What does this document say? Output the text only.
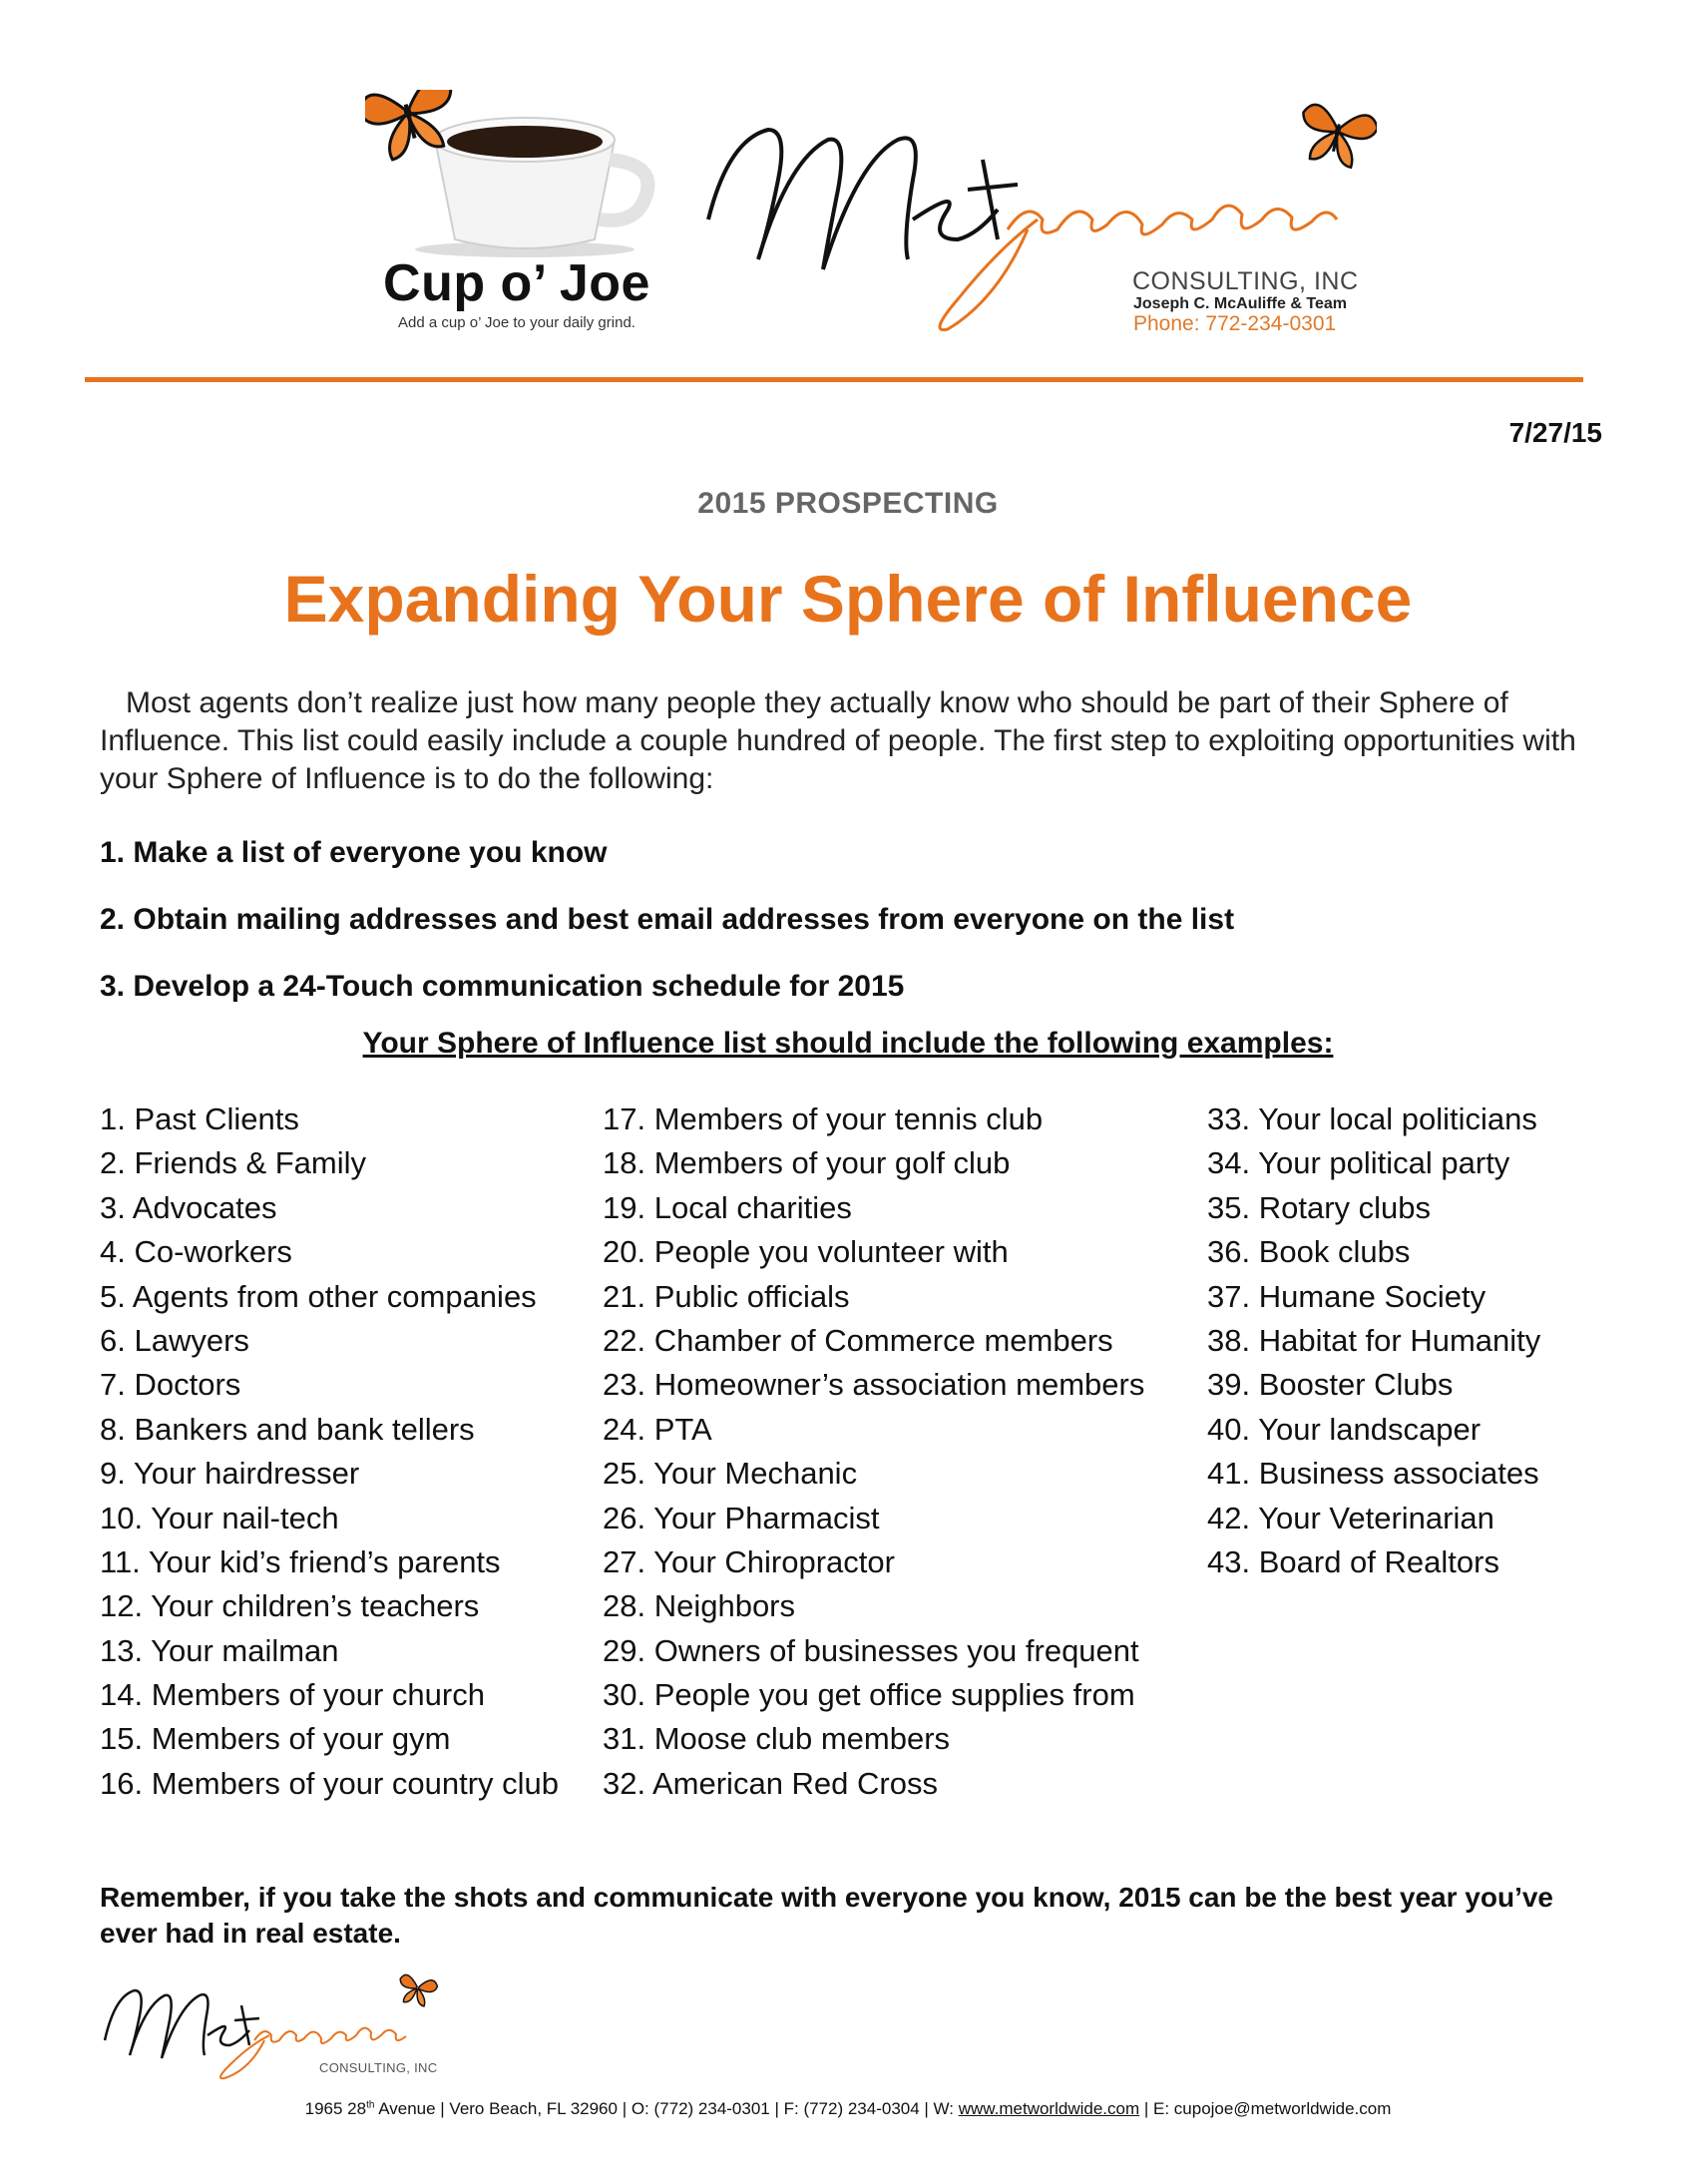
Cup o’ Joe
Add a cup o’ Joe to your daily grind.
CONSULTING, INC
Joseph C. McAuliffe & Team
Phone: 772-234-0301
7/27/15
2015 PROSPECTING
Expanding Your Sphere of Influence

Most agents don’t realize just how many people they actually know who should be part of their Sphere of Influence. This list could easily include a couple hundred of people. The first step to exploiting opportunities with your Sphere of Influence is to do the following:

1. Make a list of everyone you know
2. Obtain mailing addresses and best email addresses from everyone on the list
3. Develop a 24-Touch communication schedule for 2015
Your Sphere of Influence list should include the following examples:
1. Past Clients
2. Friends & Family
3. Advocates
4. Co-workers
5. Agents from other companies
6. Lawyers
7. Doctors
8. Bankers and bank tellers
9. Your hairdresser
10. Your nail-tech
11. Your kid’s friend’s parents
12. Your children’s teachers
13. Your mailman
14. Members of your church
15. Members of your gym
16. Members of your country club
17. Members of your tennis club
18. Members of your golf club
19. Local charities
20. People you volunteer with
21. Public officials
22. Chamber of Commerce members
23. Homeowner’s association members
24. PTA
25. Your Mechanic
26. Your Pharmacist
27. Your Chiropractor
28. Neighbors
29. Owners of businesses you frequent
30. People you get office supplies from
31. Moose club members
32. American Red Cross
33. Your local politicians
34. Your political party
35. Rotary clubs
36. Book clubs
37. Humane Society
38. Habitat for Humanity
39. Booster Clubs
40. Your landscaper
41. Business associates
42. Your Veterinarian
43. Board of Realtors

Remember, if you take the shots and communicate with everyone you know, 2015 can be the best year you’ve ever had in real estate.

CONSULTING, INC
1965 28th Avenue | Vero Beach, FL 32960 | O: (772) 234-0301 | F: (772) 234-0304 | W: www.metworldwide.com | E: cupojoe@metworldwide.com
